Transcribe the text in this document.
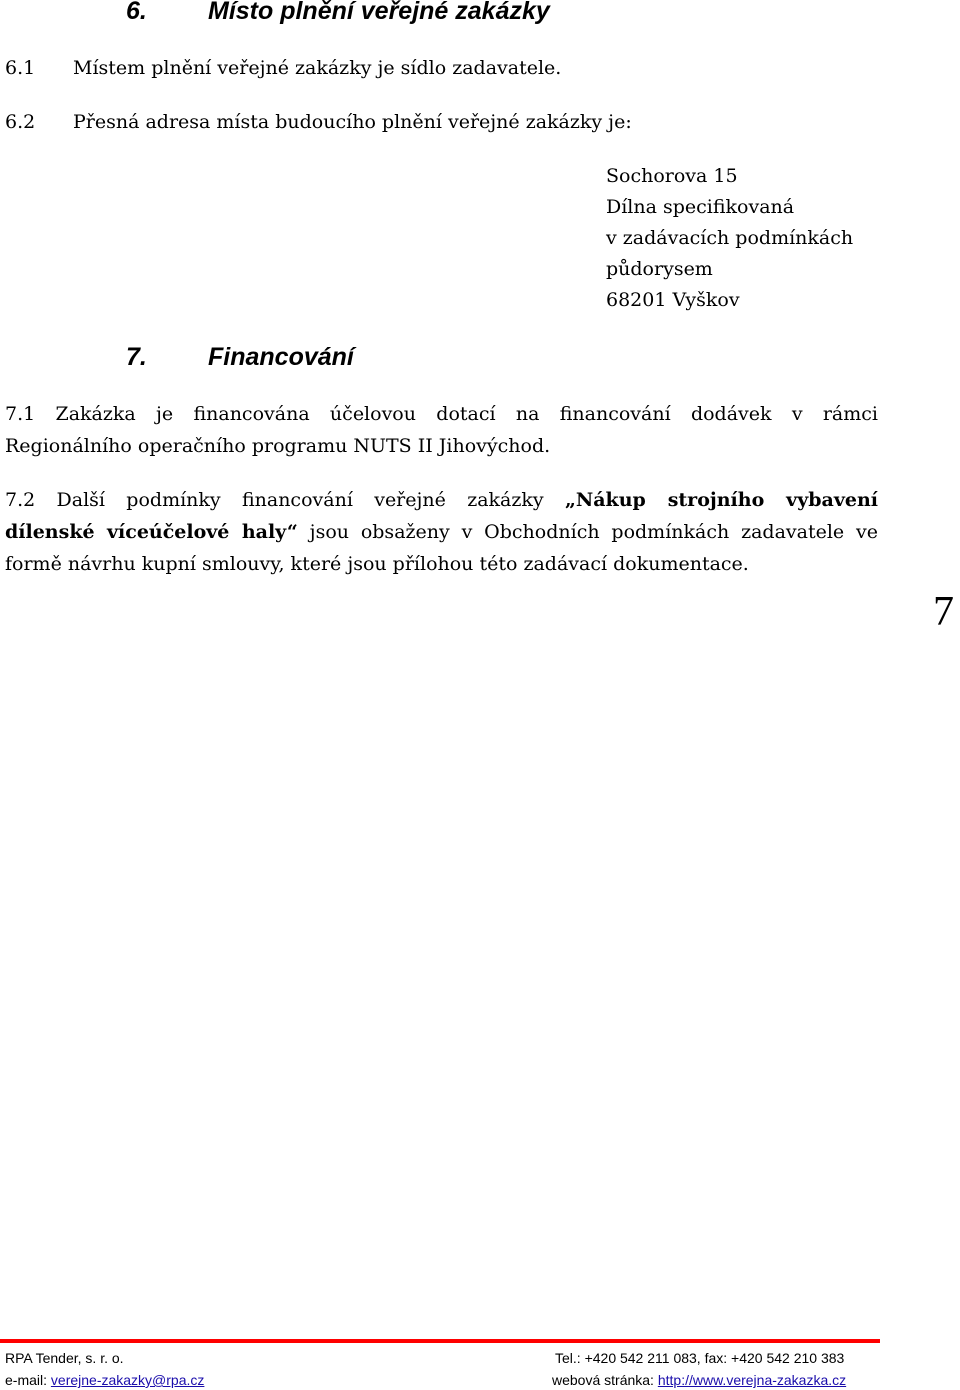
6. Místo plnění veřejné zakázky
6.1 Místem plnění veřejné zakázky je sídlo zadavatele.
6.2 Přesná adresa místa budoucího plnění veřejné zakázky je:
Sochorova 15
Dílna specifikovaná
v zadávacích podmínkách
půdorysem
68201 Vyškov
7. Financování
7.1 Zakázka je financována účelovou dotací na financování dodávek v rámci
Regionálního operačního programu NUTS II Jihovýchod.
7.2 Další podmínky financování veřejné zakázky „Nákup strojního vybavení
dílenské víceúčelové haly“ jsou obsaženy v Obchodních podmínkách zadavatele ve
formě návrhu kupní smlouvy, které jsou přílohou této zadávací dokumentace.
7
RPA Tender, s. r. o.
e-mail: verejne-zakazky@rpa.cz
Tel.: +420 542 211 083, fax: +420 542 210 383
webová stránka: http://www.verejna-zakazka.cz
